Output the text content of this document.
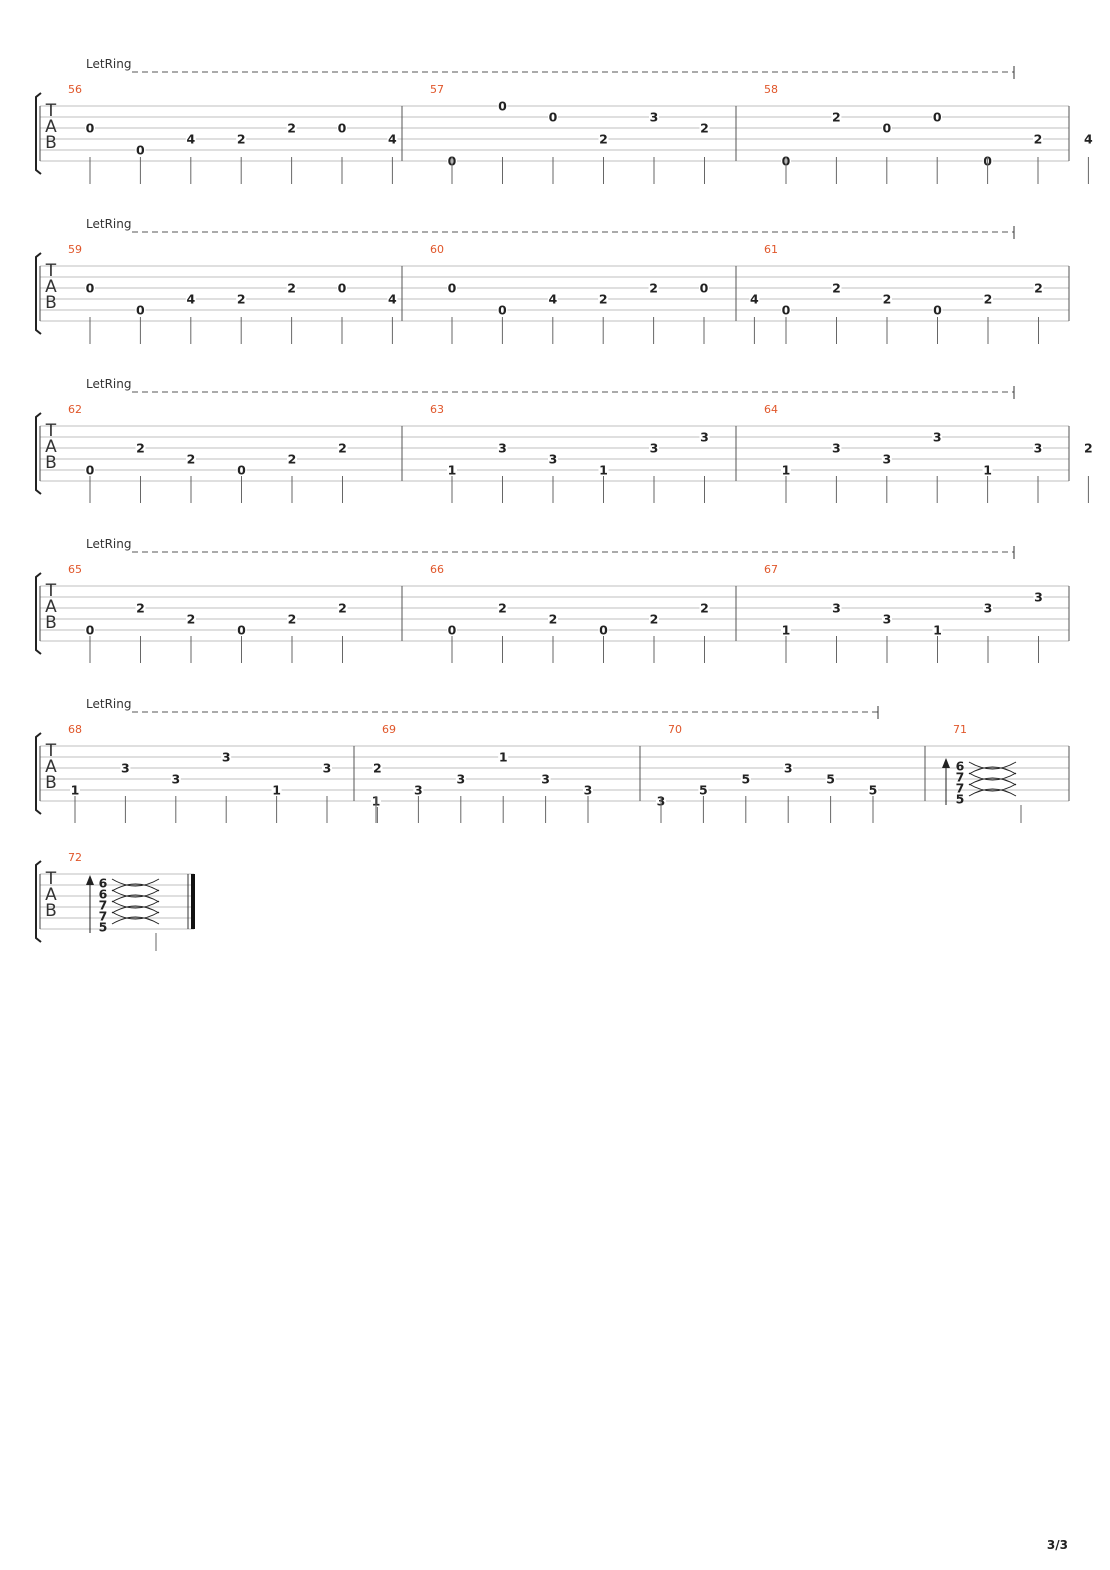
T
A
B
LetRing
56
0
0
4	2
2	0
4
57
0
0
0
2
3
2
58
0
2
0
0
0
2	4
T
A
B
LetRing
59
0
0
4	2
2	0
4
60
0
0
4	2
2	0
4
61
0
2
2
0
2
2
T
A
B
LetRing
62
0
2
2
0
2
2
63
1
3
3
1
3
3
64
1
3
3
3
1
3	2
T
A
B
LetRing
65
0
2
2
0
2
2
66
0
2
2
0
2
2
67
1
3
3
1
3
3
T
A
B
LetRing
68
1
3
3
3
1
3	2
69
1
3
3
1
3
3
70
3
5
5
3
5
5
71
6
7
7
5
T
A
B
72
6
6
7
7
5
3/3
